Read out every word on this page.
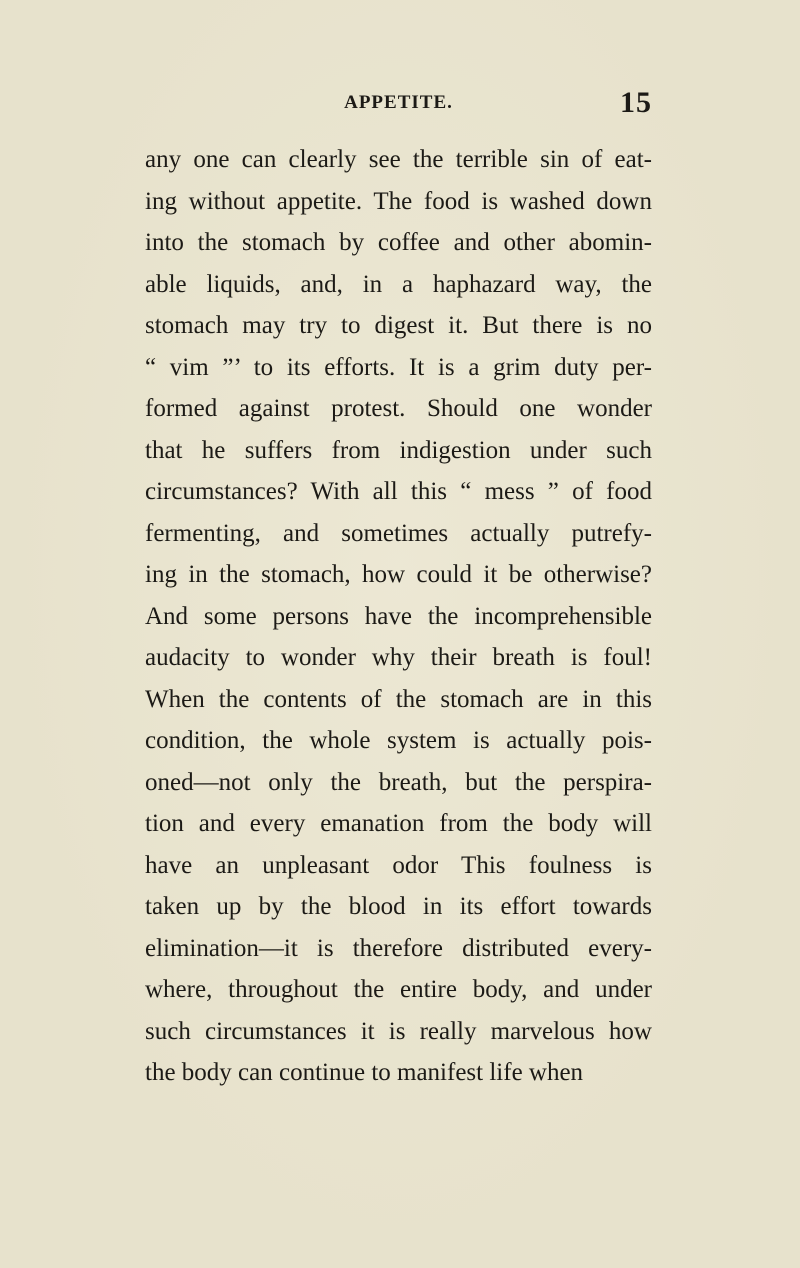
APPETITE.	15
any one can clearly see the terrible sin of eat-
ing without appetite. The food is washed down
into the stomach by coffee and other abomin-
able liquids, and, in a haphazard way, the
stomach may try to digest it. But there is no
“ vim ”’ to its efforts. It is a grim duty per-
formed against protest. Should one wonder
that he suffers from indigestion under such
circumstances? With all this “ mess ” of food
fermenting, and sometimes actually putrefy-
ing in the stomach, how could it be otherwise?
And some persons have the incomprehensible
audacity to wonder why their breath is foul!
When the contents of the stomach are in this
condition, the whole system is actually pois-
oned—not only the breath, but the perspira-
tion and every emanation from the body will
have an unpleasant odor This foulness is
taken up by the blood in its effort towards
elimination—it is therefore distributed every-
where, throughout the entire body, and under
such circumstances it is really marvelous how
the body can continue to manifest life when
